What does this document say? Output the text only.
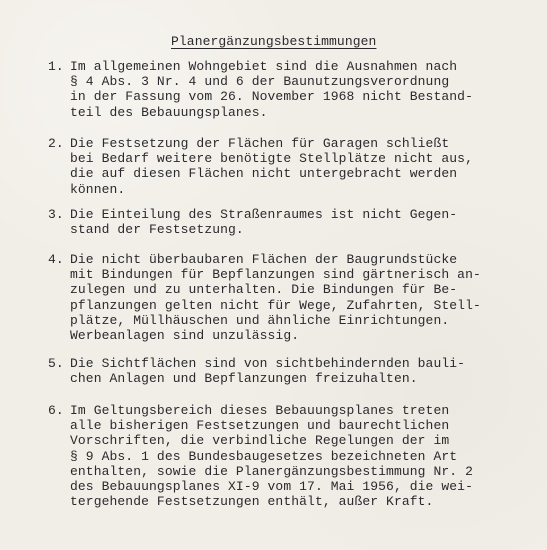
Planergänzungsbestimmungen
1. Im allgemeinen Wohngebiet sind die Ausnahmen nach
§ 4 Abs. 3 Nr. 4 und 6 der Baunutzungsverordnung
in der Fassung vom 26. November 1968 nicht Bestand-
teil des Bebauungsplanes.
2. Die Festsetzung der Flächen für Garagen schließt
bei Bedarf weitere benötigte Stellplätze nicht aus,
die auf diesen Flächen nicht untergebracht werden
können.
3. Die Einteilung des Straßenraumes ist nicht Gegen-
stand der Festsetzung.
4. Die nicht überbaubaren Flächen der Baugrundstücke
mit Bindungen für Bepflanzungen sind gärtnerisch an-
zulegen und zu unterhalten. Die Bindungen für Be-
pflanzungen gelten nicht für Wege, Zufahrten, Stell-
plätze, Müllhäuschen und ähnliche Einrichtungen.
Werbeanlagen sind unzulässig.
5. Die Sichtflächen sind von sichtbehindernden bauli-
chen Anlagen und Bepflanzungen freizuhalten.
6. Im Geltungsbereich dieses Bebauungsplanes treten
alle bisherigen Festsetzungen und baurechtlichen
Vorschriften, die verbindliche Regelungen der im
§ 9 Abs. 1 des Bundesbaugesetzes bezeichneten Art
enthalten, sowie die Planergänzungsbestimmung Nr. 2
des Bebauungsplanes XI-9 vom 17. Mai 1956, die wei-
tergehende Festsetzungen enthält, außer Kraft.
